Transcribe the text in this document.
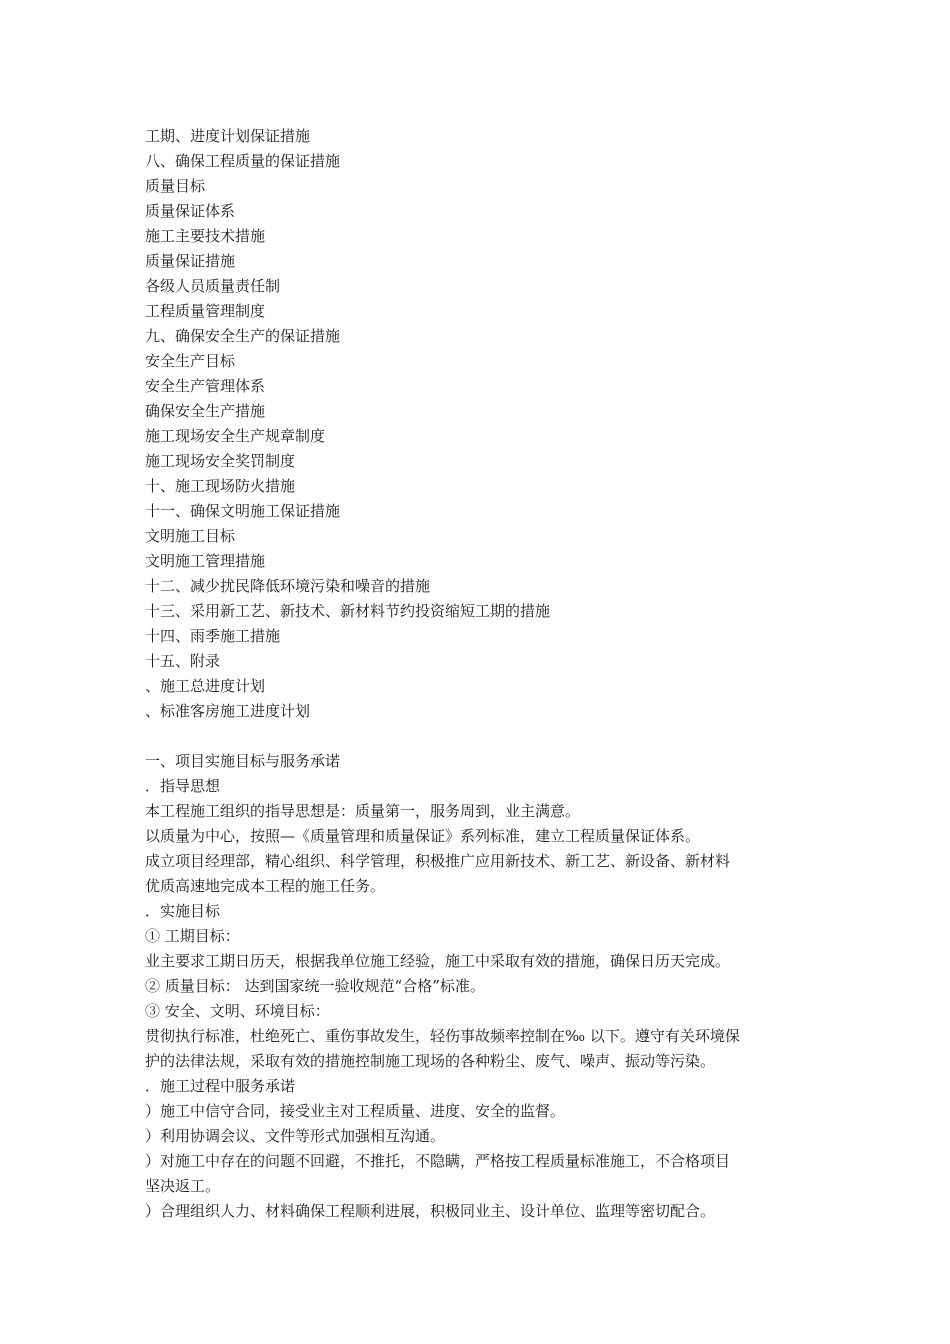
工期、进度计划保证措施
八、确保工程质量的保证措施
质量目标
质量保证体系
施工主要技术措施
质量保证措施
各级人员质量责任制
工程质量管理制度
九、确保安全生产的保证措施
安全生产目标
安全生产管理体系
确保安全生产措施
施工现场安全生产规章制度
施工现场安全奖罚制度
十、施工现场防火措施
十一、确保文明施工保证措施
文明施工目标
文明施工管理措施
十二、减少扰民降低环境污染和噪音的措施
十三、采用新工艺、新技术、新材料节约投资缩短工期的措施
十四、雨季施工措施
十五、附录
、施工总进度计划
、标准客房施工进度计划
一、项目实施目标与服务承诺
．指导思想
本工程施工组织的指导思想是：质量第一，服务周到，业主满意。
以质量为中心，按照—《质量管理和质量保证》系列标准，建立工程质量保证体系。
成立项目经理部，精心组织、科学管理，积极推广应用新技术、新工艺、新设备、新材料
优质高速地完成本工程的施工任务。
．实施目标
① 工期目标：
业主要求工期日历天，根据我单位施工经验，施工中采取有效的措施，确保日历天完成。
② 质量目标： 达到国家统一验收规范“合格”标准。
③ 安全、文明、环境目标：
贯彻执行标准，杜绝死亡、重伤事故发生，轻伤事故频率控制在‰ 以下。遵守有关环境保
护的法律法规，采取有效的措施控制施工现场的各种粉尘、废气、噪声、振动等污染。
．施工过程中服务承诺
）施工中信守合同，接受业主对工程质量、进度、安全的监督。
）利用协调会议、文件等形式加强相互沟通。
）对施工中存在的问题不回避，不推托，不隐瞒，严格按工程质量标准施工，不合格项目
坚决返工。
）合理组织人力、材料确保工程顺利进展，积极同业主、设计单位、监理等密切配合。
